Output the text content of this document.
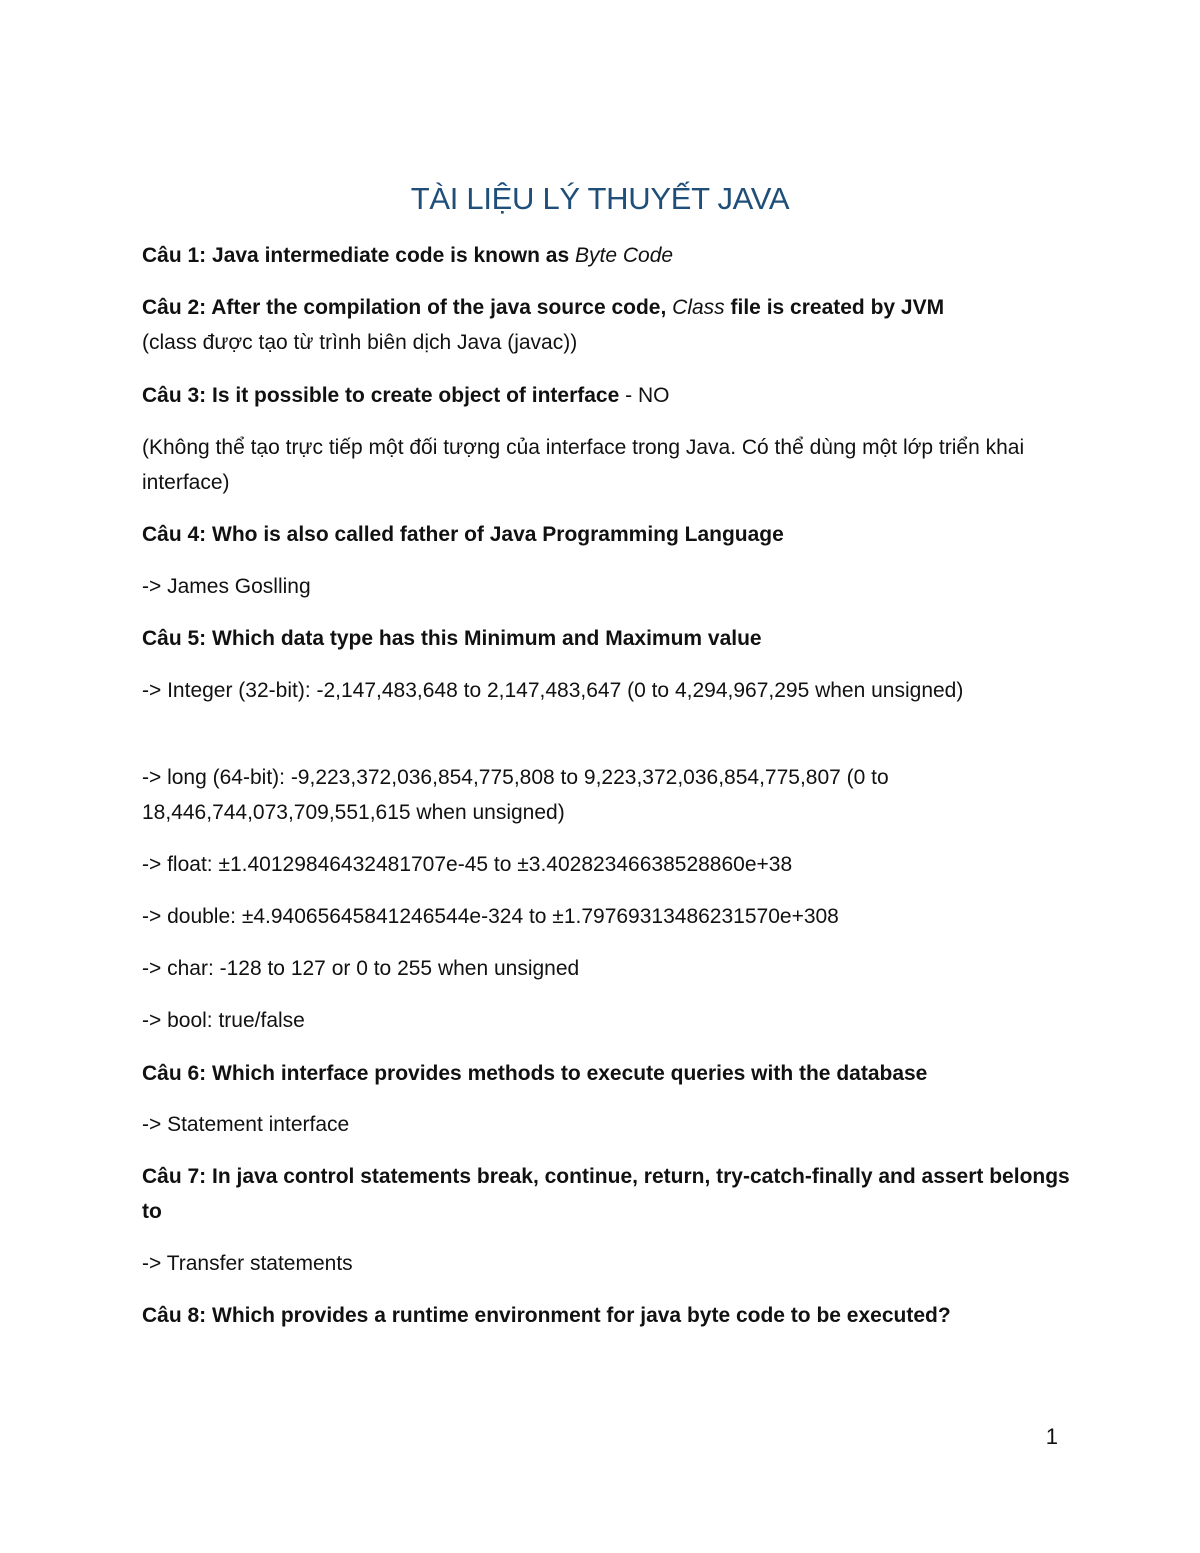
TÀI LIỆU LÝ THUYẾT JAVA
Câu 1: Java intermediate code is known as Byte Code
Câu 2: After the compilation of the java source code, Class file is created by JVM
(class được tạo từ trình biên dịch Java (javac))
Câu 3: Is it possible to create object of interface - NO
(Không thể tạo trực tiếp một đối tượng của interface trong Java. Có thể dùng một lớp triển khai interface)
Câu 4: Who is also called father of Java Programming Language
-> James Goslling
Câu 5: Which data type has this Minimum and Maximum value
-> Integer (32-bit): -2,147,483,648 to 2,147,483,647 (0 to 4,294,967,295 when unsigned)
-> long (64-bit): -9,223,372,036,854,775,808 to 9,223,372,036,854,775,807 (0 to 18,446,744,073,709,551,615 when unsigned)
-> float: ±1.40129846432481707e-45 to ±3.40282346638528860e+38
-> double: ±4.94065645841246544e-324 to ±1.79769313486231570e+308
-> char: -128 to 127 or 0 to 255 when unsigned
-> bool: true/false
Câu 6: Which interface provides methods to execute queries with the database
-> Statement interface
Câu 7: In java control statements break, continue, return, try-catch-finally and assert belongs to
-> Transfer statements
Câu 8: Which provides a runtime environment for java byte code to be executed?
1
